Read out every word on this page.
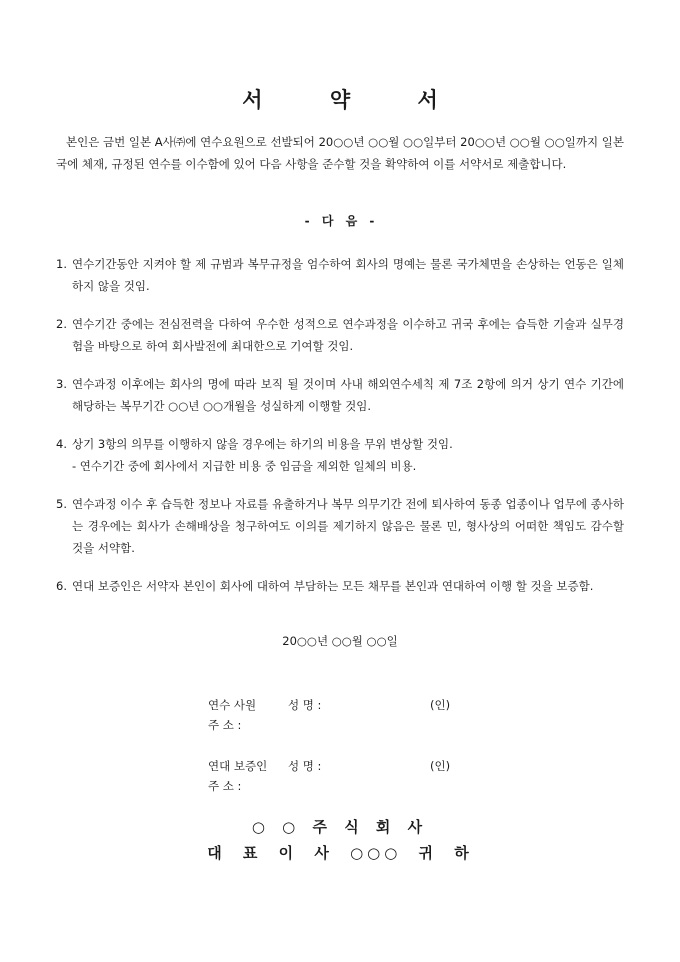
서 약 서
본인은 금번 일본 A사㈜에 연수요원으로 선발되어 20○○년 ○○월 ○○일부터 20○○년 ○○월 ○○일까지 일본국에 체재, 규정된 연수를 이수함에 있어 다음 사항을 준수할 것을 확약하여 이를 서약서로 제출합니다.
- 다 음 -
1. 연수기간동안 지켜야 할 제 규범과 복무규정을 엄수하여 회사의 명예는 물론 국가체면을 손상하는 언동은 일체 하지 않을 것임.
2. 연수기간 중에는 전심전력을 다하여 우수한 성적으로 연수과정을 이수하고 귀국 후에는 습득한 기술과 실무경험을 바탕으로 하여 회사발전에 최대한으로 기여할 것임.
3. 연수과정 이후에는 회사의 명에 따라 보직 될 것이며 사내 해외연수세칙 제 7조 2항에 의거 상기 연수 기간에 해당하는 복무기간 ○○년 ○○개월을 성실하게 이행할 것임.
4. 상기 3항의 의무를 이행하지 않을 경우에는 하기의 비용을 무위 변상할 것임.
- 연수기간 중에 회사에서 지급한 비용 중 임금을 제외한 일체의 비용.
5. 연수과정 이수 후 습득한 정보나 자료를 유출하거나 복무 의무기간 전에 퇴사하여 동종 업종이나 업무에 종사하는 경우에는 회사가 손해배상을 청구하여도 이의를 제기하지 않음은 물론 민, 형사상의 어떠한 책임도 감수할 것을 서약함.
6. 연대 보증인은 서약자 본인이 회사에 대하여 부담하는 모든 채무를 본인과 연대하여 이행 할 것을 보증함.
20○○년 ○○월 ○○일
연수 사원	성 명 :	(인)
주 소 :
연대 보증인 성 명 :	(인)
주 소 :
○ ○ 주 식 회 사
대 표 이 사 ○○○ 귀 하
